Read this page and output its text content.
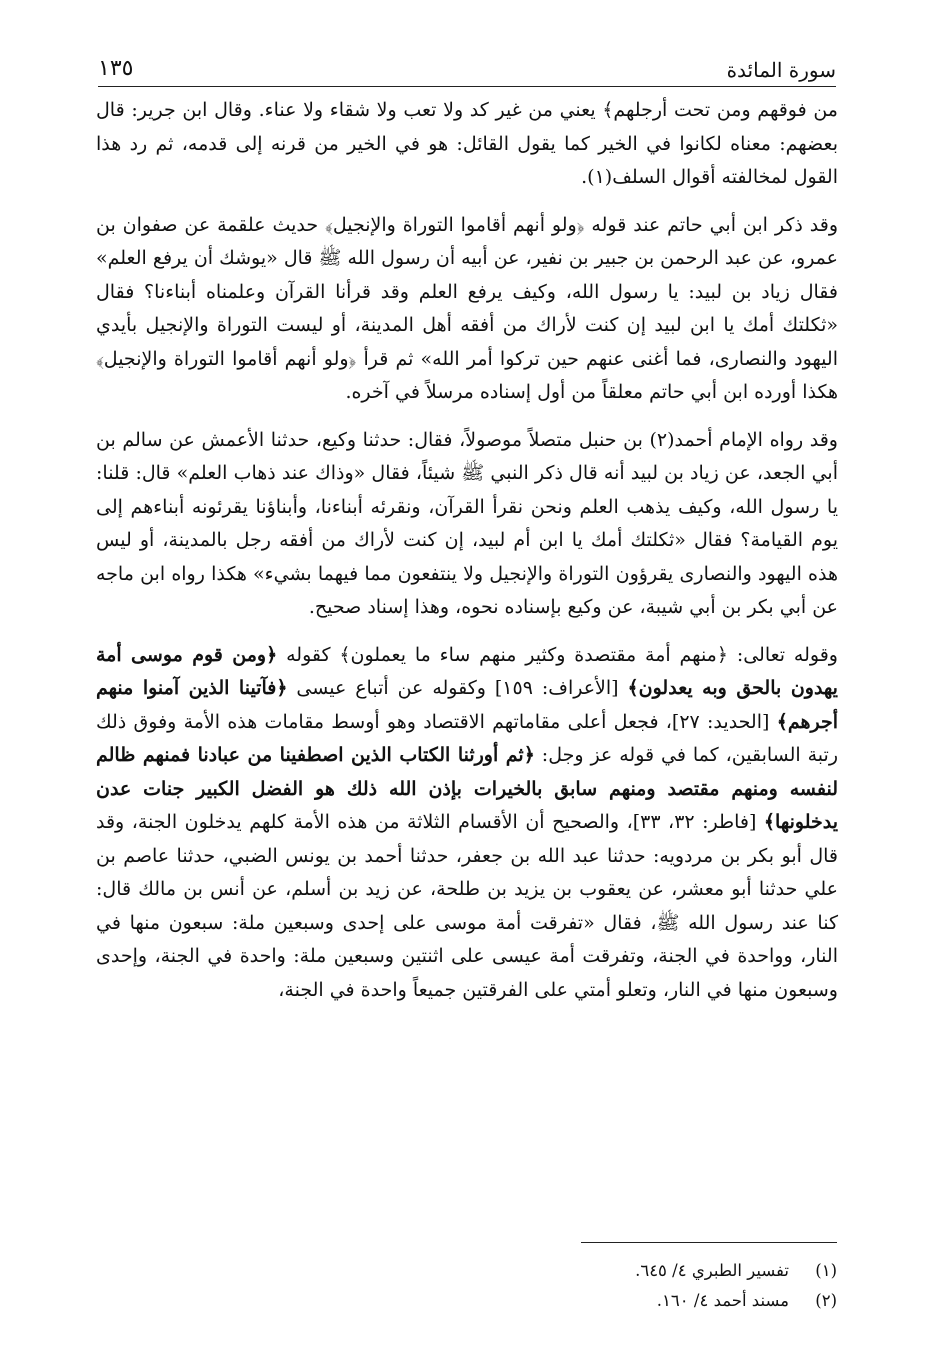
١٣٥	سورة المائدة

من فوقهم ومن تحت أرجلهم﴾ يعني من غير كد ولا تعب ولا شقاء ولا عناء. وقال ابن جرير: قال بعضهم: معناه لكانوا في الخير كما يقول القائل: هو في الخير من قرنه إلى قدمه، ثم رد هذا القول لمخالفته أقوال السلف(١).

وقد ذكر ابن أبي حاتم عند قوله ﴿ولو أنهم أقاموا التوراة والإنجيل﴾ حديث علقمة عن صفوان بن عمرو، عن عبد الرحمن بن جبير بن نفير، عن أبيه أن رسول الله ﷺ قال «يوشك أن يرفع العلم» فقال زياد بن لبيد: يا رسول الله، وكيف يرفع العلم وقد قرأنا القرآن وعلمناه أبناءنا؟ فقال «ثكلتك أمك يا ابن لبيد إن كنت لأراك من أفقه أهل المدينة، أو ليست التوراة والإنجيل بأيدي اليهود والنصارى، فما أغنى عنهم حين تركوا أمر الله» ثم قرأ ﴿ولو أنهم أقاموا التوراة والإنجيل﴾ هكذا أورده ابن أبي حاتم معلقاً من أول إسناده مرسلاً في آخره.

وقد رواه الإمام أحمد(٢) بن حنبل متصلاً موصولاً، فقال: حدثنا وكيع، حدثنا الأعمش عن سالم بن أبي الجعد، عن زياد بن لبيد أنه قال ذكر النبي ﷺ شيئاً، فقال «وذاك عند ذهاب العلم» قال: قلنا: يا رسول الله، وكيف يذهب العلم ونحن نقرأ القرآن، ونقرئه أبناءنا، وأبناؤنا يقرئونه أبناءهم إلى يوم القيامة؟ فقال «ثكلتك أمك يا ابن أم لبيد، إن كنت لأراك من أفقه رجل بالمدينة، أو ليس هذه اليهود والنصارى يقرؤون التوراة والإنجيل ولا ينتفعون مما فيهما بشيء» هكذا رواه ابن ماجه عن أبي بكر بن أبي شيبة، عن وكيع بإسناده نحوه، وهذا إسناد صحيح.

وقوله تعالى: ﴿منهم أمة مقتصدة وكثير منهم ساء ما يعملون﴾ كقوله ﴿ومن قوم موسى أمة يهدون بالحق وبه يعدلون﴾ [الأعراف: ١٥٩] وكقوله عن أتباع عيسى ﴿فآتينا الذين آمنوا منهم أجرهم﴾ [الحديد: ٢٧]، فجعل أعلى مقاماتهم الاقتصاد وهو أوسط مقامات هذه الأمة وفوق ذلك رتبة السابقين، كما في قوله عز وجل: ﴿ثم أورثنا الكتاب الذين اصطفينا من عبادنا فمنهم ظالم لنفسه ومنهم مقتصد ومنهم سابق بالخيرات بإذن الله ذلك هو الفضل الكبير جنات عدن يدخلونها﴾ [فاطر: ٣٢، ٣٣]، والصحيح أن الأقسام الثلاثة من هذه الأمة كلهم يدخلون الجنة، وقد قال أبو بكر بن مردويه: حدثنا عبد الله بن جعفر، حدثنا أحمد بن يونس الضبي، حدثنا عاصم بن علي حدثنا أبو معشر، عن يعقوب بن يزيد بن طلحة، عن زيد بن أسلم، عن أنس بن مالك قال: كنا عند رسول الله ﷺ، فقال «تفرقت أمة موسى على إحدى وسبعين ملة: سبعون منها في النار، وواحدة في الجنة، وتفرقت أمة عيسى على اثنتين وسبعين ملة: واحدة في الجنة، وإحدى وسبعون منها في النار، وتعلو أمتي على الفرقتين جميعاً واحدة في الجنة،

(١)تفسير الطبري ٤/ ٦٤٥.
(٢)مسند أحمد ٤/ ١٦٠.
